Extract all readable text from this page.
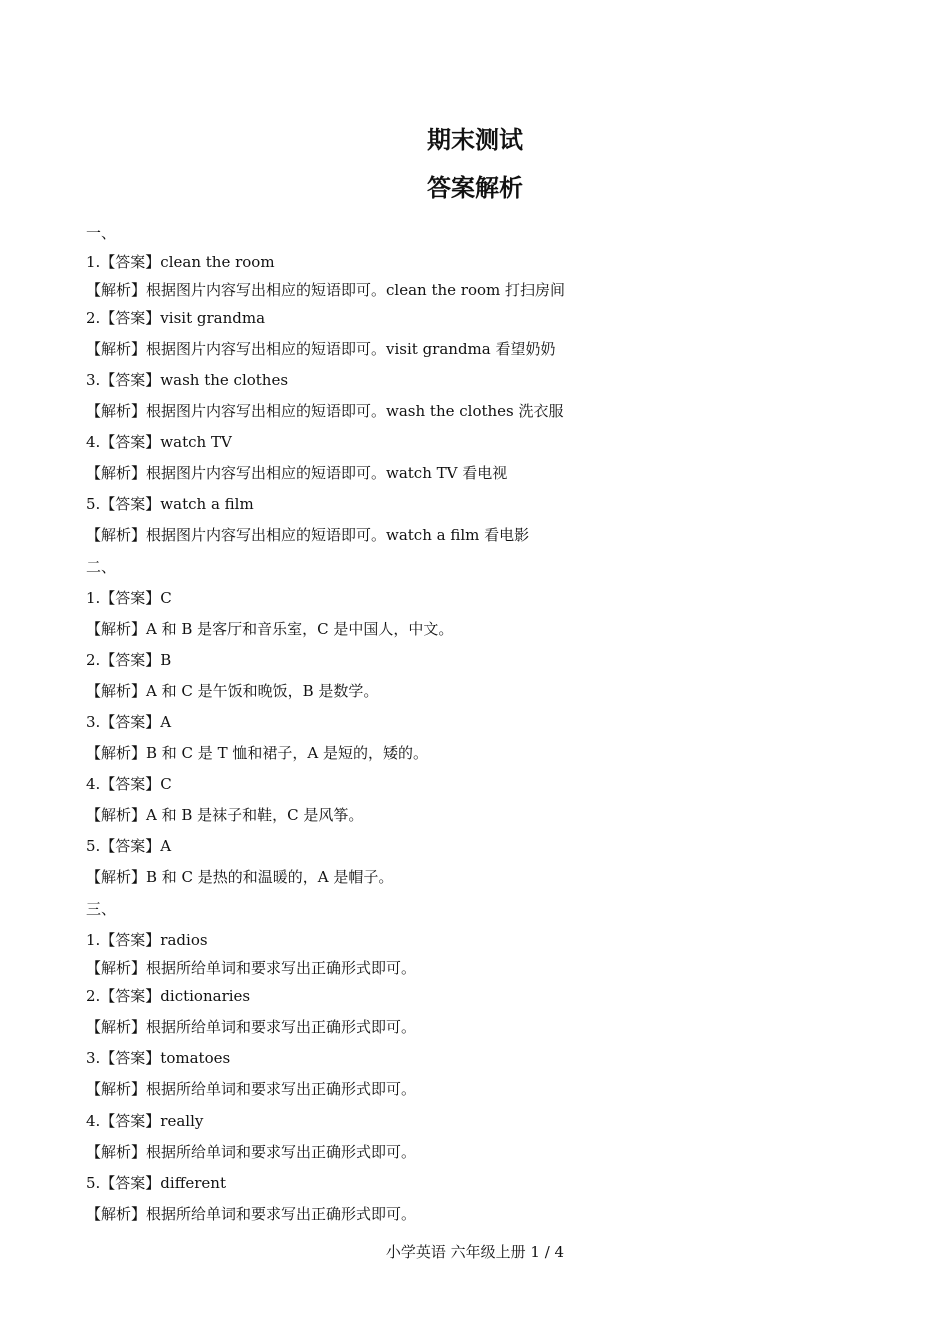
期末测试
答案解析
一、
1.【答案】clean the room
【解析】根据图片内容写出相应的短语即可。clean the room 打扫房间
2.【答案】visit grandma
【解析】根据图片内容写出相应的短语即可。visit grandma 看望奶奶
3.【答案】wash the clothes
【解析】根据图片内容写出相应的短语即可。wash the clothes 洗衣服
4.【答案】watch TV
【解析】根据图片内容写出相应的短语即可。watch TV 看电视
5.【答案】watch a film
【解析】根据图片内容写出相应的短语即可。watch a film 看电影
二、
1.【答案】C
【解析】A 和 B 是客厅和音乐室，C 是中国人，中文。
2.【答案】B
【解析】A 和 C 是午饭和晚饭，B 是数学。
3.【答案】A
【解析】B 和 C 是 T 恤和裙子，A 是短的，矮的。
4.【答案】C
【解析】A 和 B 是袜子和鞋，C 是风筝。
5.【答案】A
【解析】B 和 C 是热的和温暖的，A 是帽子。
三、
1.【答案】radios
【解析】根据所给单词和要求写出正确形式即可。
2.【答案】dictionaries
【解析】根据所给单词和要求写出正确形式即可。
3.【答案】tomatoes
【解析】根据所给单词和要求写出正确形式即可。
4.【答案】really
【解析】根据所给单词和要求写出正确形式即可。
5.【答案】different
【解析】根据所给单词和要求写出正确形式即可。
小学英语 六年级上册 1 / 4
